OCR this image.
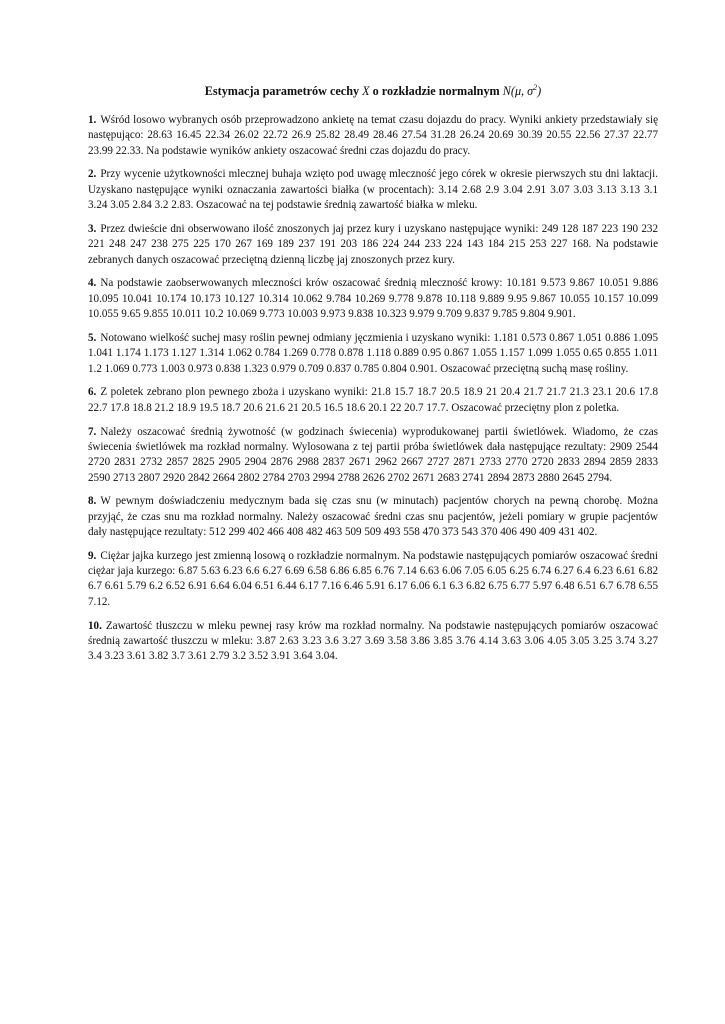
Estymacja parametrów cechy X o rozkładzie normalnym N(μ, $\sigma^2$)

1. Wśród losowo wybranych osób przeprowadzono ankietę na temat czasu dojazdu do pracy. Wyniki ankiety przedstawiały się następująco: 28.63 16.45 22.34 26.02 22.72 26.9 25.82 28.49 28.46 27.54 31.28 26.24 20.69 30.39 20.55 22.56 27.37 22.77 23.99 22.33. Na podstawie wyników ankiety oszacować średni czas dojazdu do pracy.

2. Przy wycenie użytkowności mlecznej buhaja wzięto pod uwagę mleczność jego córek w okresie pierwszych stu dni laktacji. Uzyskano następujące wyniki oznaczania zawartości białka (w procentach): 3.14 2.68 2.9 3.04 2.91 3.07 3.03 3.13 3.13 3.1 3.24 3.05 2.84 3.2 2.83. Oszacować na tej podstawie średnią zawartość białka w mleku.

3. Przez dwieście dni obserwowano ilość znoszonych jaj przez kury i uzyskano następujące wyniki: 249 128 187 223 190 232 221 248 247 238 275 225 170 267 169 189 237 191 203 186 224 244 233 224 143 184 215 253 227 168. Na podstawie zebranych danych oszacować przeciętną dzienną liczbę jaj znoszonych przez kury.

4. Na podstawie zaobserwowanych mleczności krów oszacować średnią mleczność krowy: 10.181 9.573 9.867 10.051 9.886 10.095 10.041 10.174 10.173 10.127 10.314 10.062 9.784 10.269 9.778 9.878 10.118 9.889 9.95 9.867 10.055 10.157 10.099 10.055 9.65 9.855 10.011 10.2 10.069 9.773 10.003 9.973 9.838 10.323 9.979 9.709 9.837 9.785 9.804 9.901.

5. Notowano wielkość suchej masy roślin pewnej odmiany jęczmienia i uzyskano wyniki: 1.181 0.573 0.867 1.051 0.886 1.095 1.041 1.174 1.173 1.127 1.314 1.062 0.784 1.269 0.778 0.878 1.118 0.889 0.95 0.867 1.055 1.157 1.099 1.055 0.65 0.855 1.011 1.2 1.069 0.773 1.003 0.973 0.838 1.323 0.979 0.709 0.837 0.785 0.804 0.901. Oszacować przeciętną suchą masę rośliny.

6. Z poletek zebrano plon pewnego zboża i uzyskano wyniki: 21.8 15.7 18.7 20.5 18.9 21 20.4 21.7 21.7 21.3 23.1 20.6 17.8 22.7 17.8 18.8 21.2 18.9 19.5 18.7 20.6 21.6 21 20.5 16.5 18.6 20.1 22 20.7 17.7. Oszacować przeciętny plon z poletka.

7. Należy oszacować średnią żywotność (w godzinach świecenia) wyprodukowanej partii świetlówek. Wiadomo, że czas świecenia świetlówek ma rozkład normalny. Wylosowana z tej partii próba świetlówek dała następujące rezultaty: 2909 2544 2720 2831 2732 2857 2825 2905 2904 2876 2988 2837 2671 2962 2667 2727 2871 2733 2770 2720 2833 2894 2859 2833 2590 2713 2807 2920 2842 2664 2802 2784 2703 2994 2788 2626 2702 2671 2683 2741 2894 2873 2880 2645 2794.

8. W pewnym doświadczeniu medycznym bada się czas snu (w minutach) pacjentów chorych na pewną chorobę. Można przyjąć, że czas snu ma rozkład normalny. Należy oszacować średni czas snu pacjentów, jeżeli pomiary w grupie pacjentów dały następujące rezultaty: 512 299 402 466 408 482 463 509 509 493 558 470 373 543 370 406 490 409 431 402.

9. Ciężar jajka kurzego jest zmienną losową o rozkładzie normalnym. Na podstawie następujących pomiarów oszacować średni ciężar jaja kurzego: 6.87 5.63 6.23 6.6 6.27 6.69 6.58 6.86 6.85 6.76 7.14 6.63 6.06 7.05 6.05 6.25 6.74 6.27 6.4 6.23 6.61 6.82 6.7 6.61 5.79 6.2 6.52 6.91 6.64 6.04 6.51 6.44 6.17 7.16 6.46 5.91 6.17 6.06 6.1 6.3 6.82 6.75 6.77 5.97 6.48 6.51 6.7 6.78 6.55 7.12.

10. Zawartość tłuszczu w mleku pewnej rasy krów ma rozkład normalny. Na podstawie następujących pomiarów oszacować średnią zawartość tłuszczu w mleku: 3.87 2.63 3.23 3.6 3.27 3.69 3.58 3.86 3.85 3.76 4.14 3.63 3.06 4.05 3.05 3.25 3.74 3.27 3.4 3.23 3.61 3.82 3.7 3.61 2.79 3.2 3.52 3.91 3.64 3.04.
